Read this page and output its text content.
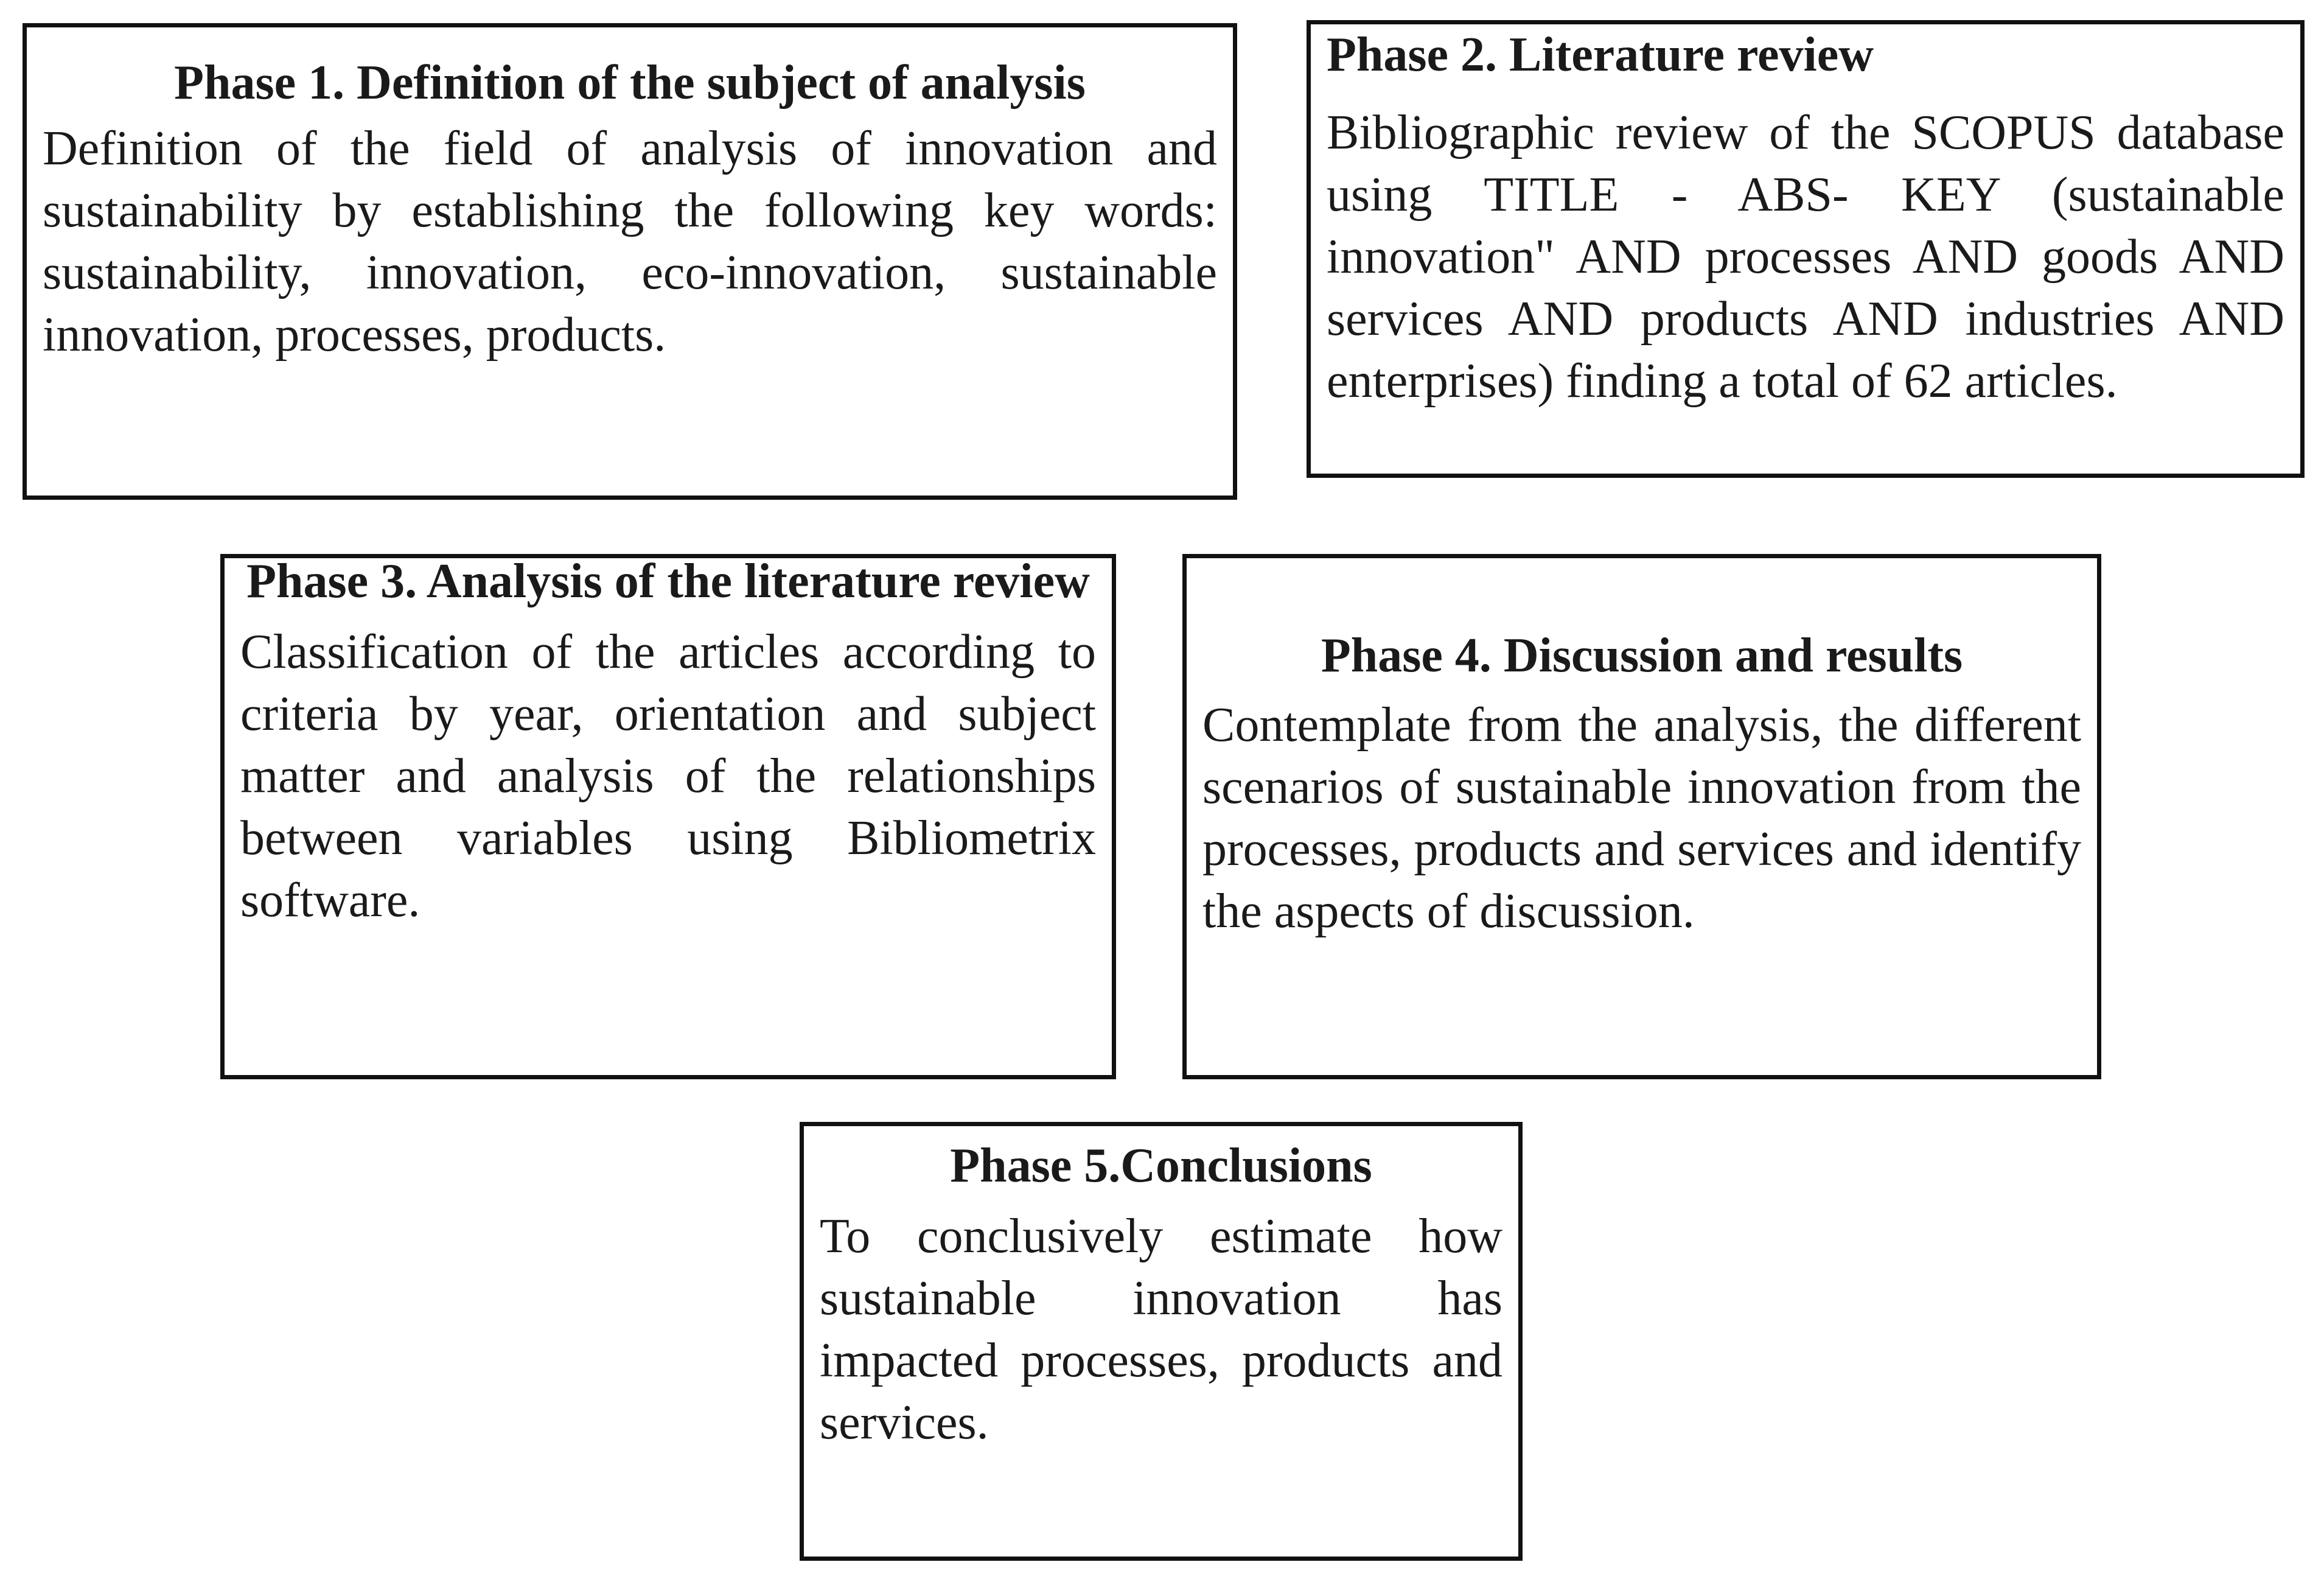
Phase 1. Definition of the subject of analysis

Definition of the field of analysis of innovation and sustainability by establishing the following key words: sustainability, innovation, eco-innovation, sustainable innovation, processes, products.

Phase 2. Literature review

Bibliographic review of the SCOPUS database using TITLE - ABS- KEY (sustainable innovation" AND processes AND goods AND services AND products AND industries AND enterprises) finding a total of 62 articles.

Phase 3. Analysis of the literature review

Classification of the articles according to criteria by year, orientation and subject matter and analysis of the relationships between variables using Bibliometrix software.

Phase 4. Discussion and results

Contemplate from the analysis, the different scenarios of sustainable innovation from the processes, products and services and identify the aspects of discussion.

Phase 5.Conclusions

To conclusively estimate how sustainable innovation has impacted processes, products and services.
